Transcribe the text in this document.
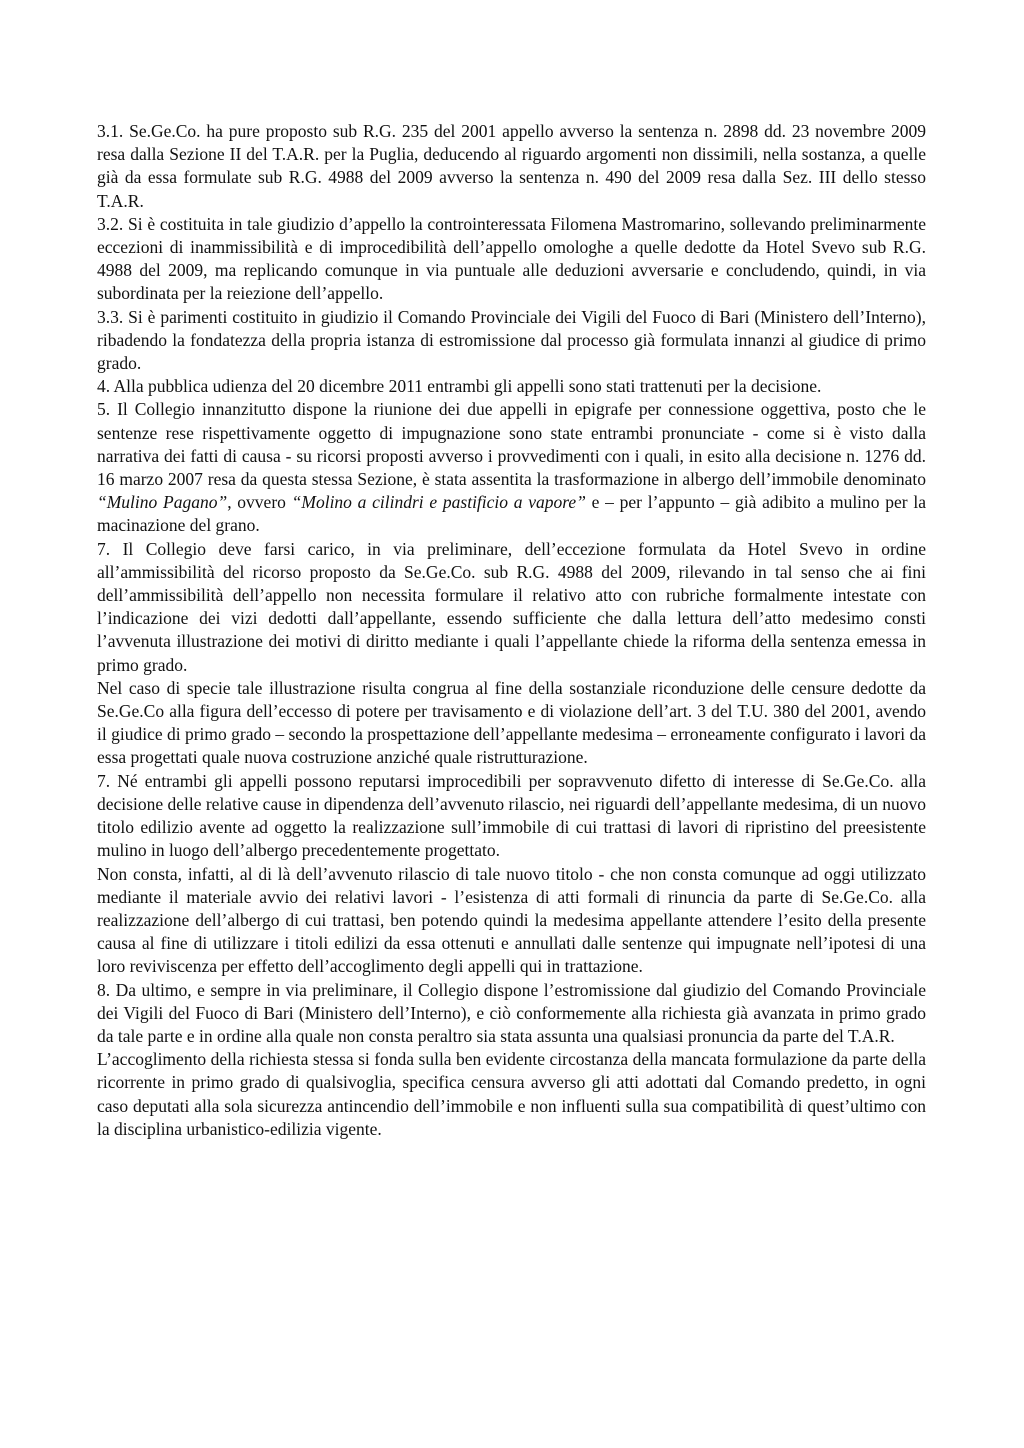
3.1. Se.Ge.Co. ha pure proposto sub R.G. 235 del 2001 appello avverso la sentenza n. 2898 dd. 23 novembre 2009 resa dalla Sezione II del T.A.R. per la Puglia, deducendo al riguardo argomenti non dissimili, nella sostanza, a quelle già da essa formulate sub R.G. 4988 del 2009 avverso la sentenza n. 490 del 2009 resa dalla Sez. III dello stesso T.A.R.

3.2. Si è costituita in tale giudizio d’appello la controinteressata Filomena Mastromarino, sollevando preliminarmente eccezioni di inammissibilità e di improcedibilità dell’appello omologhe a quelle dedotte da Hotel Svevo sub R.G. 4988 del 2009, ma replicando comunque in via puntuale alle deduzioni avversarie e concludendo, quindi, in via subordinata per la reiezione dell’appello.

3.3. Si è parimenti costituito in giudizio il Comando Provinciale dei Vigili del Fuoco di Bari (Ministero dell’Interno), ribadendo la fondatezza della propria istanza di estromissione dal processo già formulata innanzi al giudice di primo grado.

4. Alla pubblica udienza del 20 dicembre 2011 entrambi gli appelli sono stati trattenuti per la decisione.

5. Il Collegio innanzitutto dispone la riunione dei due appelli in epigrafe per connessione oggettiva, posto che le sentenze rese rispettivamente oggetto di impugnazione sono state entrambi pronunciate - come si è visto dalla narrativa dei fatti di causa - su ricorsi proposti avverso i provvedimenti con i quali, in esito alla decisione n. 1276 dd. 16 marzo 2007 resa da questa stessa Sezione, è stata assentita la trasformazione in albergo dell’immobile denominato “Mulino Pagano”, ovvero “Molino a cilindri e pastificio a vapore” e – per l’appunto – già adibito a mulino per la macinazione del grano.

7. Il Collegio deve farsi carico, in via preliminare, dell’eccezione formulata da Hotel Svevo in ordine all’ammissibilità del ricorso proposto da Se.Ge.Co. sub R.G. 4988 del 2009, rilevando in tal senso che ai fini dell’ammissibilità dell’appello non necessita formulare il relativo atto con rubriche formalmente intestate con l’indicazione dei vizi dedotti dall’appellante, essendo sufficiente che dalla lettura dell’atto medesimo consti l’avvenuta illustrazione dei motivi di diritto mediante i quali l’appellante chiede la riforma della sentenza emessa in primo grado.

Nel caso di specie tale illustrazione risulta congrua al fine della sostanziale riconduzione delle censure dedotte da Se.Ge.Co alla figura dell’eccesso di potere per travisamento e di violazione dell’art. 3 del T.U. 380 del 2001, avendo il giudice di primo grado – secondo la prospettazione dell’appellante medesima – erroneamente configurato i lavori da essa progettati quale nuova costruzione anziché quale ristrutturazione.

7. Né entrambi gli appelli possono reputarsi improcedibili per sopravvenuto difetto di interesse di Se.Ge.Co. alla decisione delle relative cause in dipendenza dell’avvenuto rilascio, nei riguardi dell’appellante medesima, di un nuovo titolo edilizio avente ad oggetto la realizzazione sull’immobile di cui trattasi di lavori di ripristino del preesistente mulino in luogo dell’albergo precedentemente progettato.

Non consta, infatti, al di là dell’avvenuto rilascio di tale nuovo titolo - che non consta comunque ad oggi utilizzato mediante il materiale avvio dei relativi lavori - l’esistenza di atti formali di rinuncia da parte di Se.Ge.Co. alla realizzazione dell’albergo di cui trattasi, ben potendo quindi la medesima appellante attendere l’esito della presente causa al fine di utilizzare i titoli edilizi da essa ottenuti e annullati dalle sentenze qui impugnate nell’ipotesi di una loro reviviscenza per effetto dell’accoglimento degli appelli qui in trattazione.

8. Da ultimo, e sempre in via preliminare, il Collegio dispone l’estromissione dal giudizio del Comando Provinciale dei Vigili del Fuoco di Bari (Ministero dell’Interno), e ciò conformemente alla richiesta già avanzata in primo grado da tale parte e in ordine alla quale non consta peraltro sia stata assunta una qualsiasi pronuncia da parte del T.A.R.

L’accoglimento della richiesta stessa si fonda sulla ben evidente circostanza della mancata formulazione da parte della ricorrente in primo grado di qualsivoglia, specifica censura avverso gli atti adottati dal Comando predetto, in ogni caso deputati alla sola sicurezza antincendio dell’immobile e non influenti sulla sua compatibilità di quest’ultimo con la disciplina urbanistico-edilizia vigente.
